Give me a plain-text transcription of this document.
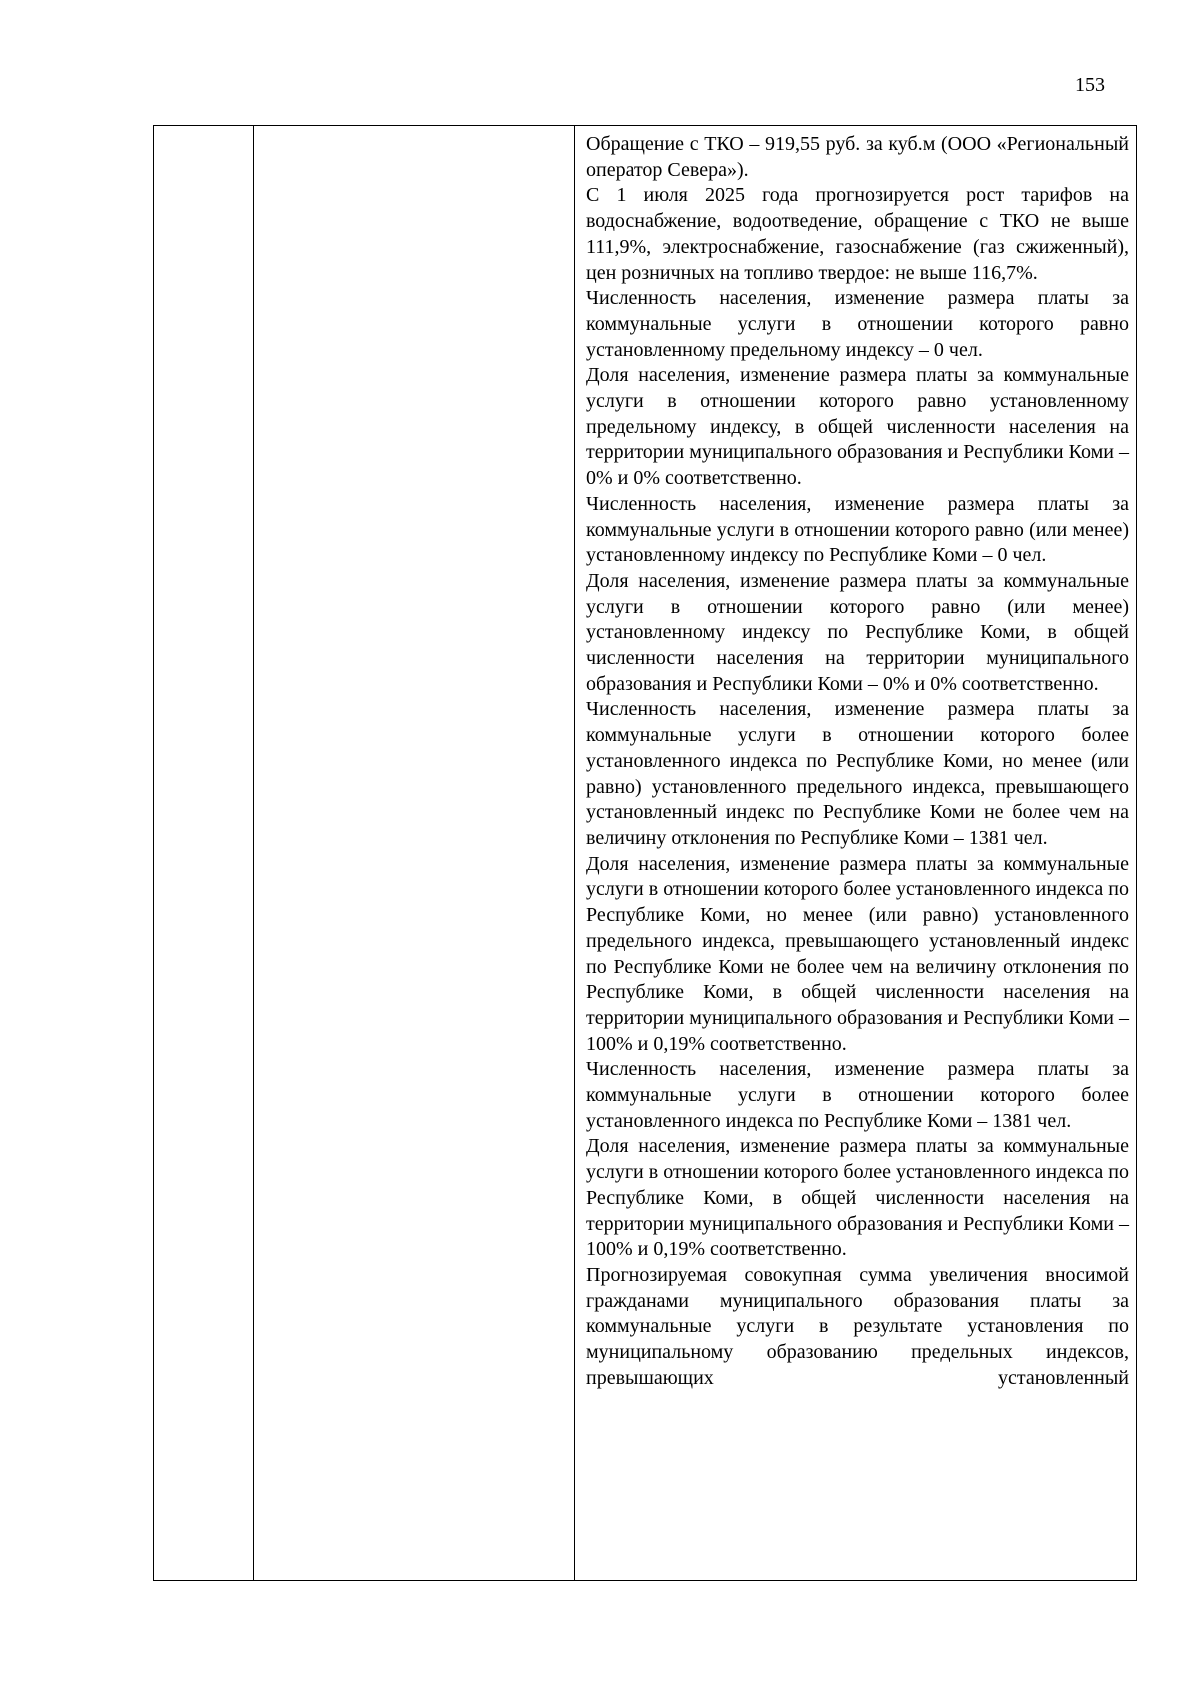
153

Обращение с ТКО – 919,55 руб. за куб.м (ООО «Региональный оператор Севера»).

С 1 июля 2025 года прогнозируется рост тарифов на водоснабжение, водоотведение, обращение с ТКО не выше 111,9%, электроснабжение, газоснабжение (газ сжиженный), цен розничных на топливо твердое: не выше 116,7%.

Численность населения, изменение размера платы за коммунальные услуги в отношении которого равно установленному предельному индексу – 0 чел.

Доля населения, изменение размера платы за коммунальные услуги в отношении которого равно установленному предельному индексу, в общей численности населения на территории муниципального образования и Республики Коми – 0% и 0% соответственно.

Численность населения, изменение размера платы за коммунальные услуги в отношении которого равно (или менее) установленному индексу по Республике Коми – 0 чел.

Доля населения, изменение размера платы за коммунальные услуги в отношении которого равно (или менее) установленному индексу по Республике Коми, в общей численности населения на территории муниципального образования и Республики Коми – 0% и 0% соответственно.

Численность населения, изменение размера платы за коммунальные услуги в отношении которого более установленного индекса по Республике Коми, но менее (или равно) установленного предельного индекса, превышающего установленный индекс по Республике Коми не более чем на величину отклонения по Республике Коми – 1381 чел.

Доля населения, изменение размера платы за коммунальные услуги в отношении которого более установленного индекса по Республике Коми, но менее (или равно) установленного предельного индекса, превышающего установленный индекс по Республике Коми не более чем на величину отклонения по Республике Коми, в общей численности населения на территории муниципального образования и Республики Коми – 100% и 0,19% соответственно.

Численность населения, изменение размера платы за коммунальные услуги в отношении которого более установленного индекса по Республике Коми – 1381 чел.

Доля населения, изменение размера платы за коммунальные услуги в отношении которого более установленного индекса по Республике Коми, в общей численности населения на территории муниципального образования и Республики Коми – 100% и 0,19% соответственно.

Прогнозируемая совокупная сумма увеличения вносимой гражданами муниципального образования платы за коммунальные услуги в результате установления по муниципальному образованию предельных индексов, превышающих установленный
